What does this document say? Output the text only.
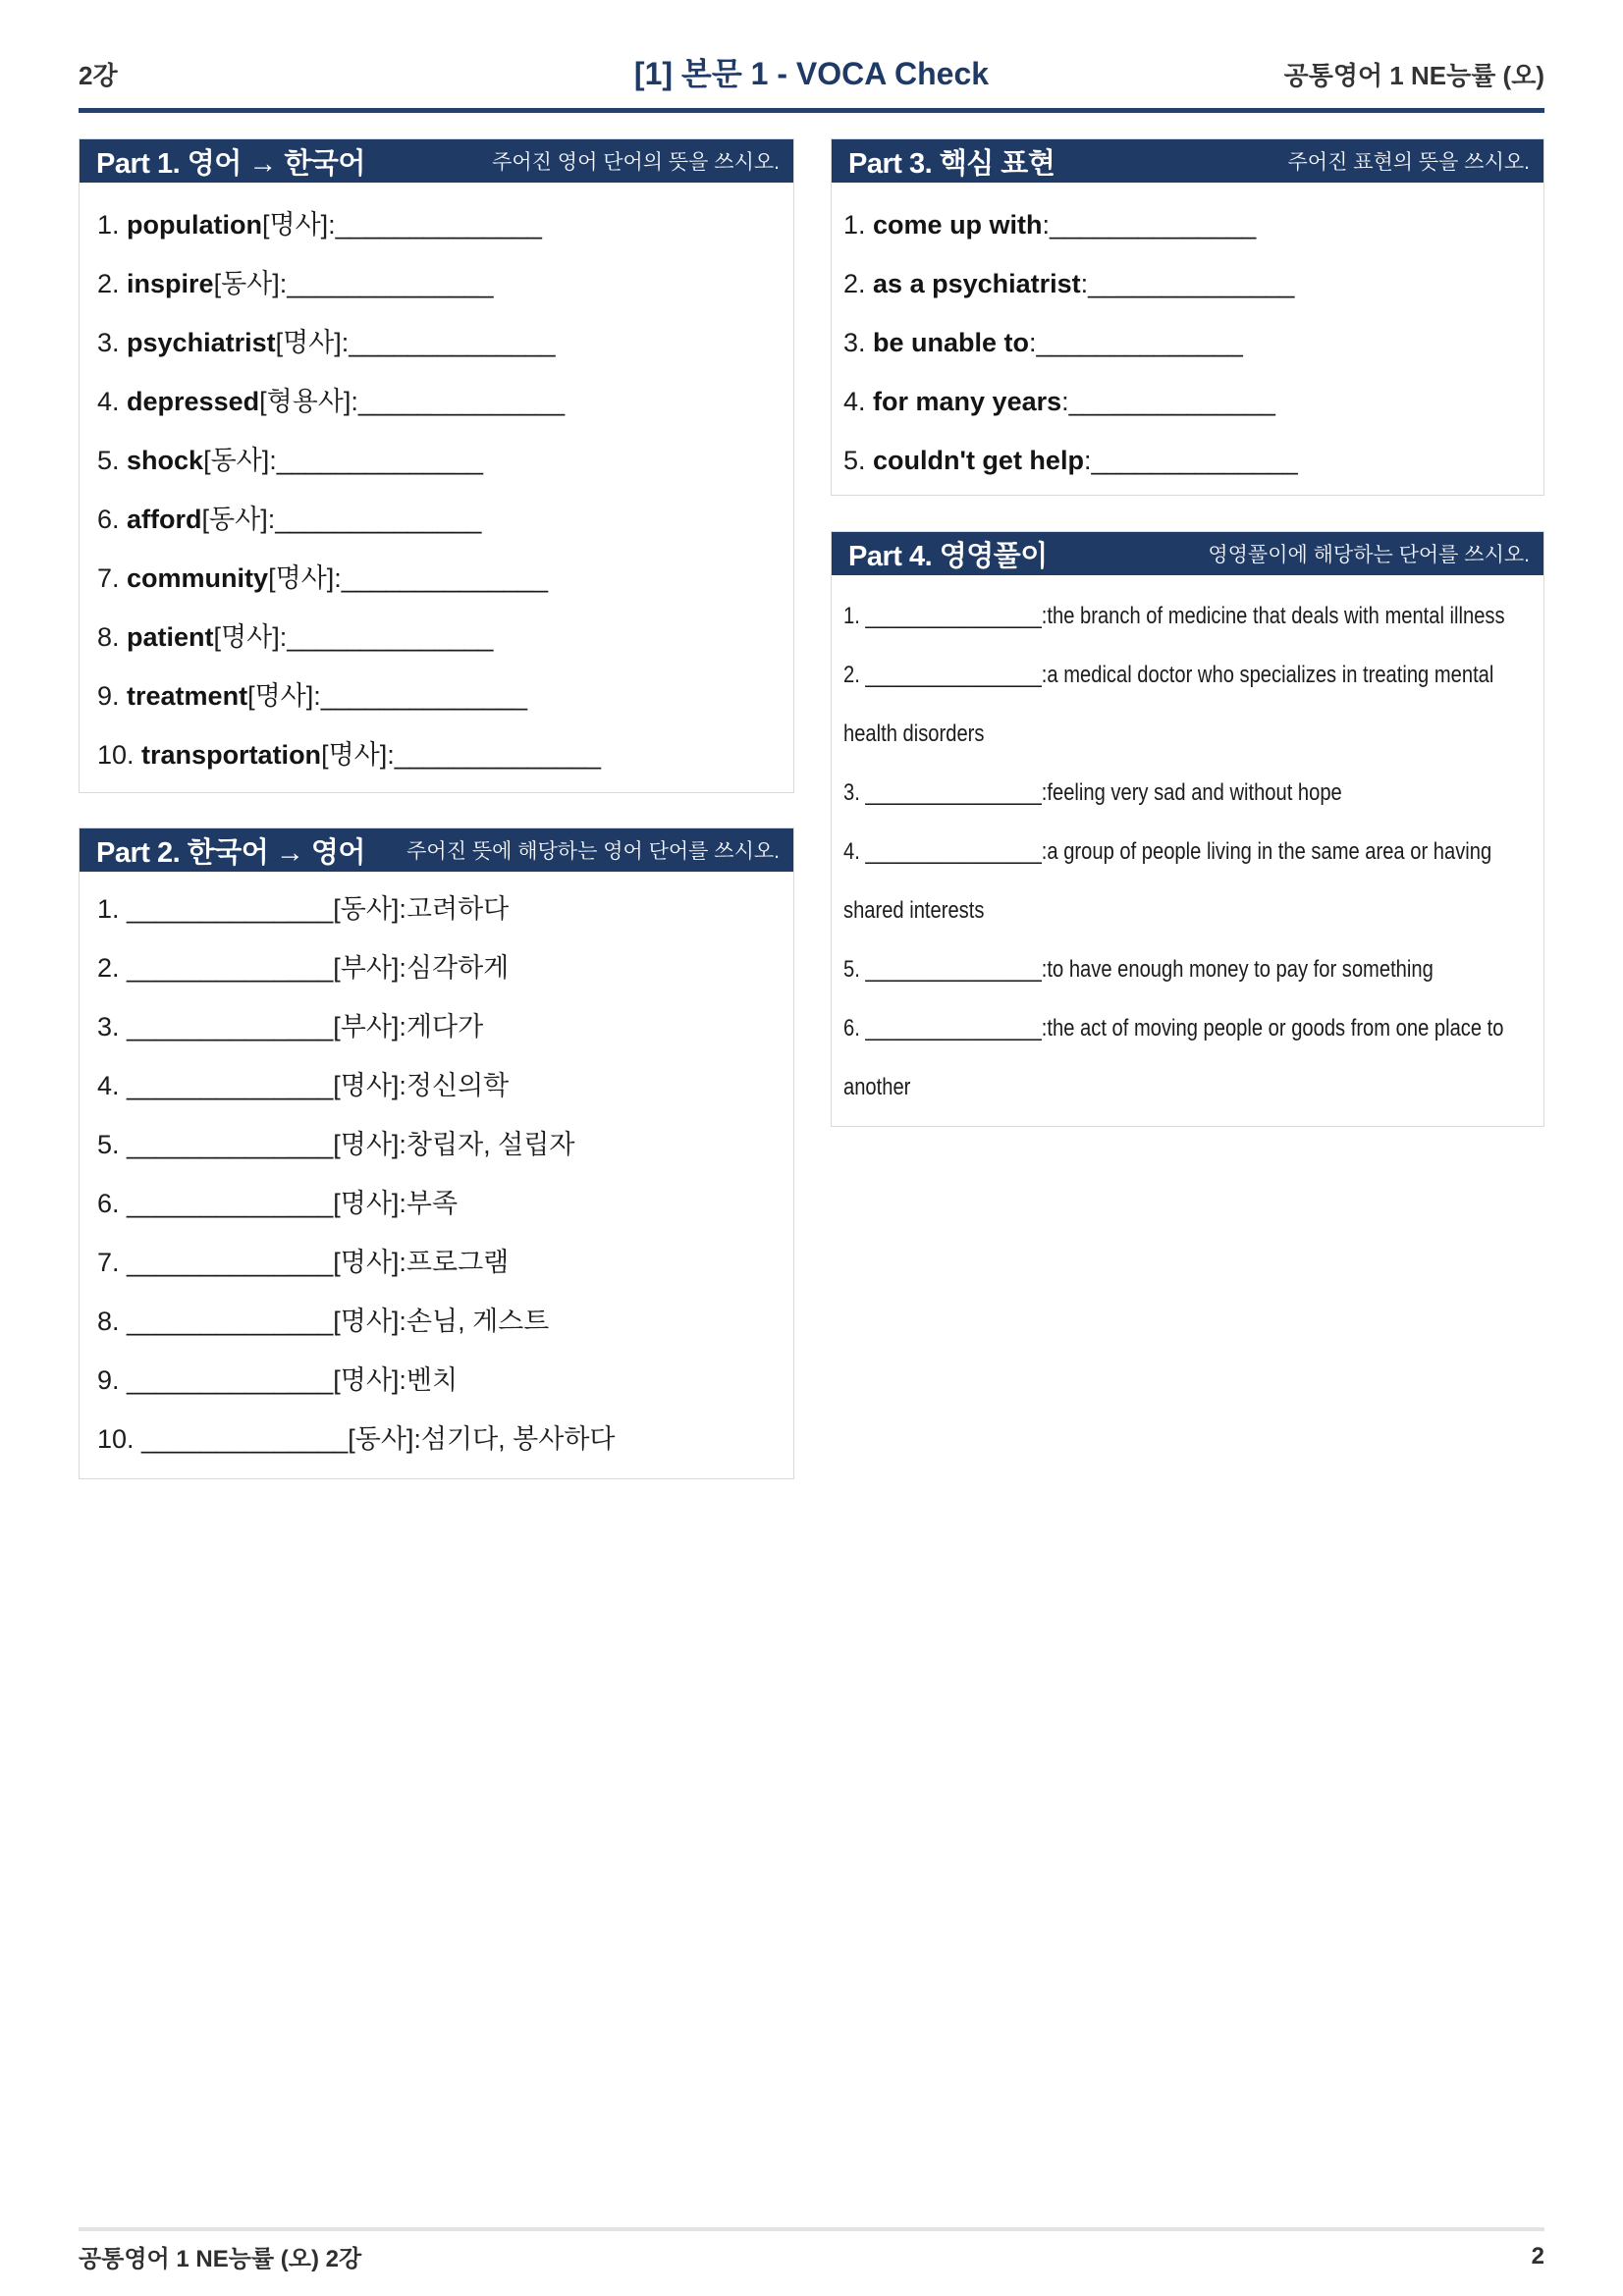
2강	[1] 본문 1 - VOCA Check	공통영어 1 NE능률 (오)
Part 1. 영어 → 한국어	주어진 영어 단어의 뜻을 쓰시오.
1. population[명사]:______________
2. inspire[동사]:______________
3. psychiatrist[명사]:______________
4. depressed[형용사]:______________
5. shock[동사]:______________
6. afford[동사]:______________
7. community[명사]:______________
8. patient[명사]:______________
9. treatment[명사]:______________
10. transportation[명사]:______________
Part 2. 한국어 → 영어 주어진 뜻에 해당하는 영어 단어를 쓰시오.
1. ______________[동사]:고려하다
2. ______________[부사]:심각하게
3. ______________[부사]:게다가
4. ______________[명사]:정신의학
5. ______________[명사]:창립자, 설립자
6. ______________[명사]:부족
7. ______________[명사]:프로그램
8. ______________[명사]:손님, 게스트
9. ______________[명사]:벤치
10. ______________[동사]:섬기다, 봉사하다
Part 3. 핵심 표현	주어진 표현의 뜻을 쓰시오.
1. come up with:______________
2. as a psychiatrist:______________
3. be unable to:______________
4. for many years:______________
5. couldn't get help:______________
Part 4. 영영풀이	영영풀이에 해당하는 단어를 쓰시오.
1. ________________:the branch of medicine that deals with mental illness
2. ________________:a medical doctor who specializes in treating mental
health disorders
3. ________________:feeling very sad and without hope
4. ________________:a group of people living in the same area or having
shared interests
5. ________________:to have enough money to pay for something
6. ________________:the act of moving people or goods from one place to
another
공통영어 1 NE능률 (오) 2강	2
